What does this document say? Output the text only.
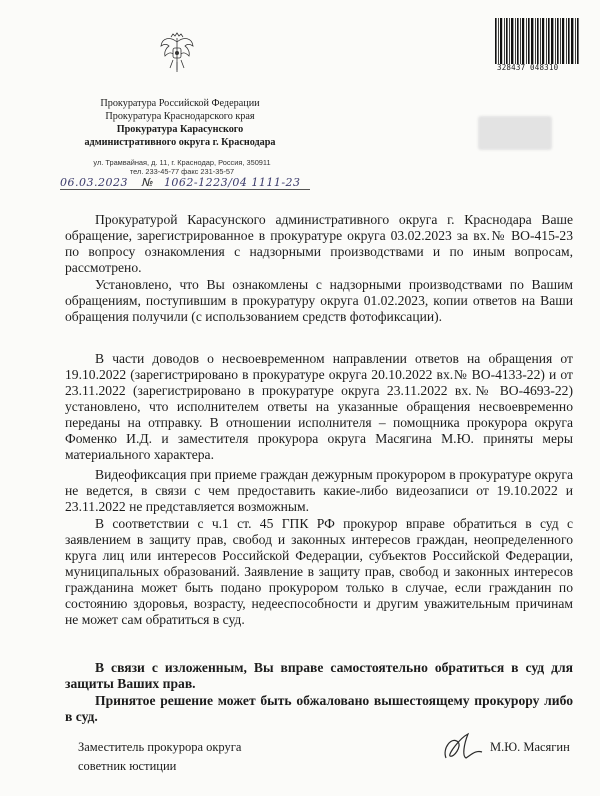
328437 048310
Прокуратура Российской Федерации
Прокуратура Краснодарского края
Прокуратура Карасунского
административного округа г. Краснодара
ул. Трамвайная, д. 11, г. Краснодар, Россия, 350911
тел. 233-45-77 факс 231-35-57
06.03.2023 № 1062-1223/04 1111-23
Прокуратурой Карасунского административного округа г. Краснодара Ваше обращение, зарегистрированное в прокуратуре округа 03.02.2023 за вх.№ ВО-415-23 по вопросу ознакомления с надзорными производствами и по иным вопросам, рассмотрено.
Установлено, что Вы ознакомлены с надзорными производствами по Вашим обращениям, поступившим в прокуратуру округа 01.02.2023, копии ответов на Ваши обращения получили (с использованием средств фотофиксации).
В части доводов о несвоевременном направлении ответов на обращения от 19.10.2022 (зарегистрировано в прокуратуре округа 20.10.2022 вх.№ ВО-4133-22) и от 23.11.2022 (зарегистрировано в прокуратуре округа 23.11.2022 вх.№ ВО-4693-22) установлено, что исполнителем ответы на указанные обращения несвоевременно переданы на отправку. В отношении исполнителя – помощника прокурора округа Фоменко И.Д. и заместителя прокурора округа Масягина М.Ю. приняты меры материального характера.
Видеофиксация при приеме граждан дежурным прокурором в прокуратуре округа не ведется, в связи с чем предоставить какие-либо видеозаписи от 19.10.2022 и 23.11.2022 не представляется возможным.
В соответствии с ч.1 ст. 45 ГПК РФ прокурор вправе обратиться в суд с заявлением в защиту прав, свобод и законных интересов граждан, неопределенного круга лиц или интересов Российской Федерации, субъектов Российской Федерации, муниципальных образований. Заявление в защиту прав, свобод и законных интересов гражданина может быть подано прокурором только в случае, если гражданин по состоянию здоровья, возрасту, недееспособности и другим уважительным причинам не может сам обратиться в суд.
В связи с изложенным, Вы вправе самостоятельно обратиться в суд для защиты Ваших прав.
Принятое решение может быть обжаловано вышестоящему прокурору либо в суд.
Заместитель прокурора округа
советник юстиции
М.Ю. Масягин
